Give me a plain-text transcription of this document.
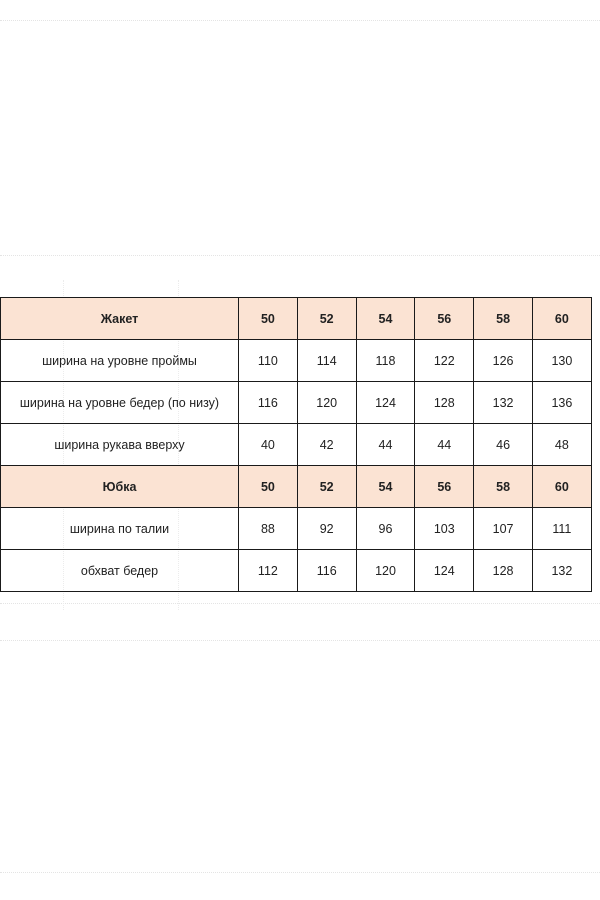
Жакет	50	52	54	56	58	60
ширина на уровне проймы	110	114	118	122	126	130
ширина на уровне бедер (по низу)	116	120	124	128	132	136
ширина рукава вверху	40	42	44	44	46	48
Юбка	50	52	54	56	58	60
ширина по талии	88	92	96	103	107	111
обхват бедер	112	116	120	124	128	132
